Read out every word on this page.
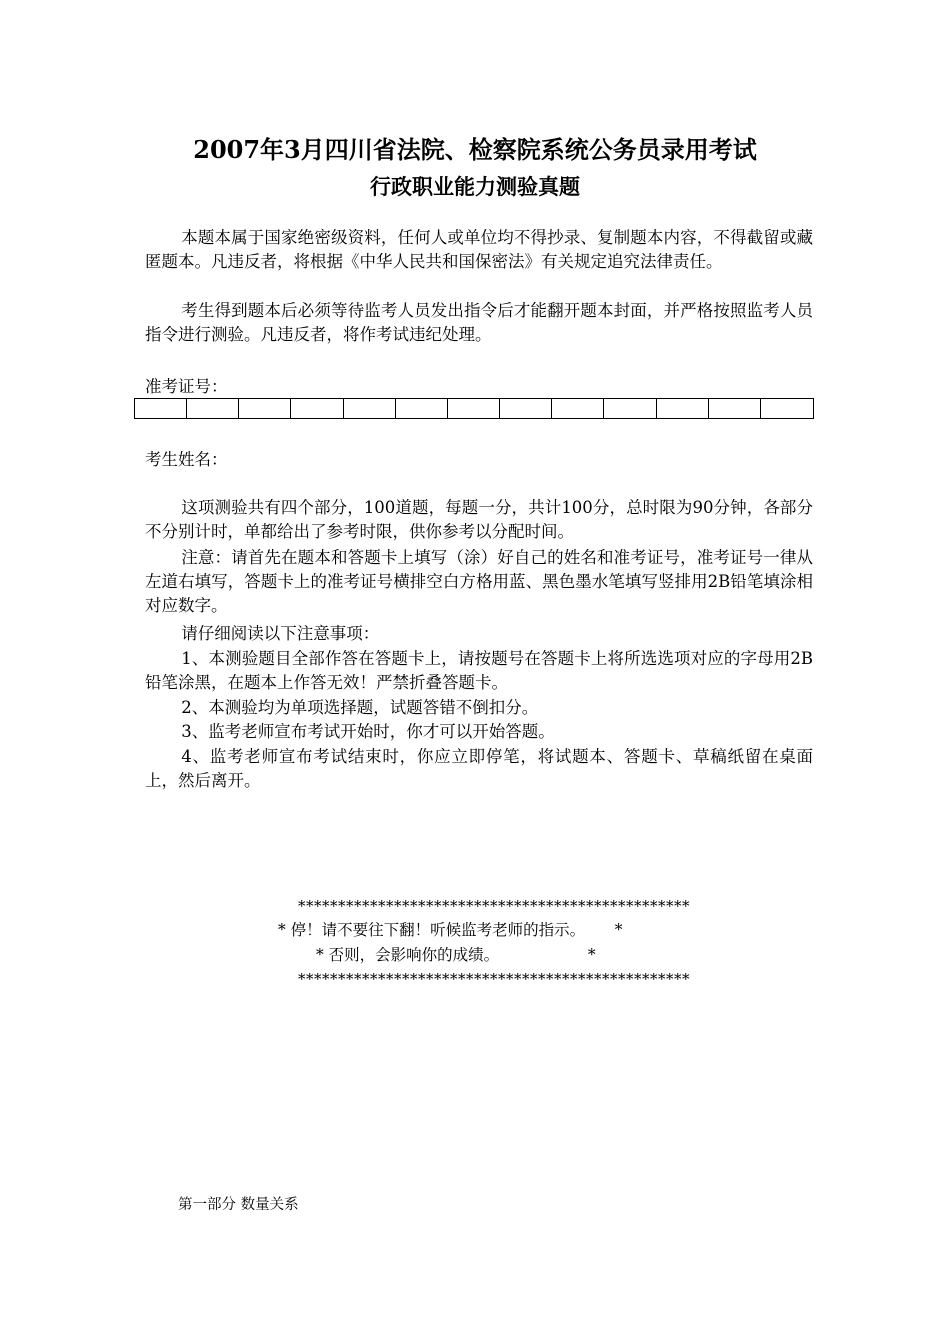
2007年3月四川省法院、检察院系统公务员录用考试
行政职业能力测验真题
本题本属于国家绝密级资料，任何人或单位均不得抄录、复制题本内容，不得截留或藏匿题本。凡违反者，将根据《中华人民共和国保密法》有关规定追究法律责任。
考生得到题本后必须等待监考人员发出指令后才能翻开题本封面，并严格按照监考人员指令进行测验。凡违反者，将作考试违纪处理。
准考证号：
考生姓名：
这项测验共有四个部分，100道题，每题一分，共计100分，总时限为90分钟，各部分不分别计时，单都给出了参考时限，供你参考以分配时间。
注意：请首先在题本和答题卡上填写（涂）好自己的姓名和准考证号，准考证号一律从左道右填写，答题卡上的准考证号横排空白方格用蓝、黑色墨水笔填写竖排用2B铅笔填涂相对应数字。
请仔细阅读以下注意事项：
1、本测验题目全部作答在答题卡上，请按题号在答题卡上将所选选项对应的字母用2B铅笔涂黑，在题本上作答无效！严禁折叠答题卡。
2、本测验均为单项选择题，试题答错不倒扣分。
3、监考老师宣布考试开始时，你才可以开始答题。
4、监考老师宣布考试结束时，你应立即停笔，将试题本、答题卡、草稿纸留在桌面上，然后离开。
*************************************************
* 停！请不要往下翻！听候监考老师的指示。      *
* 否则，会影响你的成绩。                  *
*************************************************
第一部分 数量关系
